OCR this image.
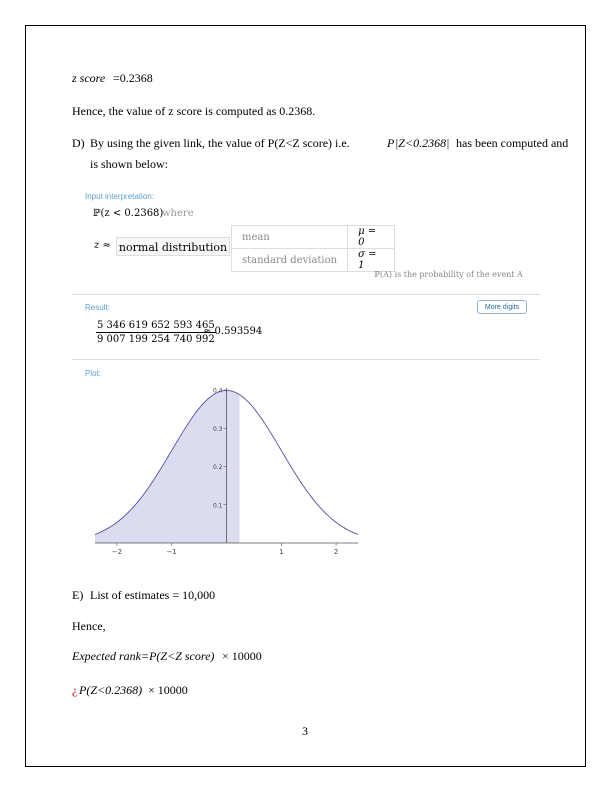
z score =0.2368
Hence, the value of z score is computed as 0.2368.
D) By using the given link, the value of P(Z<Z score) i.e.	P |Z<0.2368| has been computed and
is shown below:
Input interpretation:
ℙ(z < 0.2368)
where
z ≈ normal distribution
mean	μ = 0
standard deviation	σ = 1
ℙ(A) is the probability of the event A
Result:	More digits
$\frac{5 346 619 652 593 465}{9 007 199 254 740 992}$
≈ 0.593594
Plot:
−2	−1	1	2
0.1
0.2
0.3
0.4
E) List of estimates = 10,000
Hence,
Expected rank =P(Z<Z score) × 10000
¿ P(Z<0.2368) × 10000
3
